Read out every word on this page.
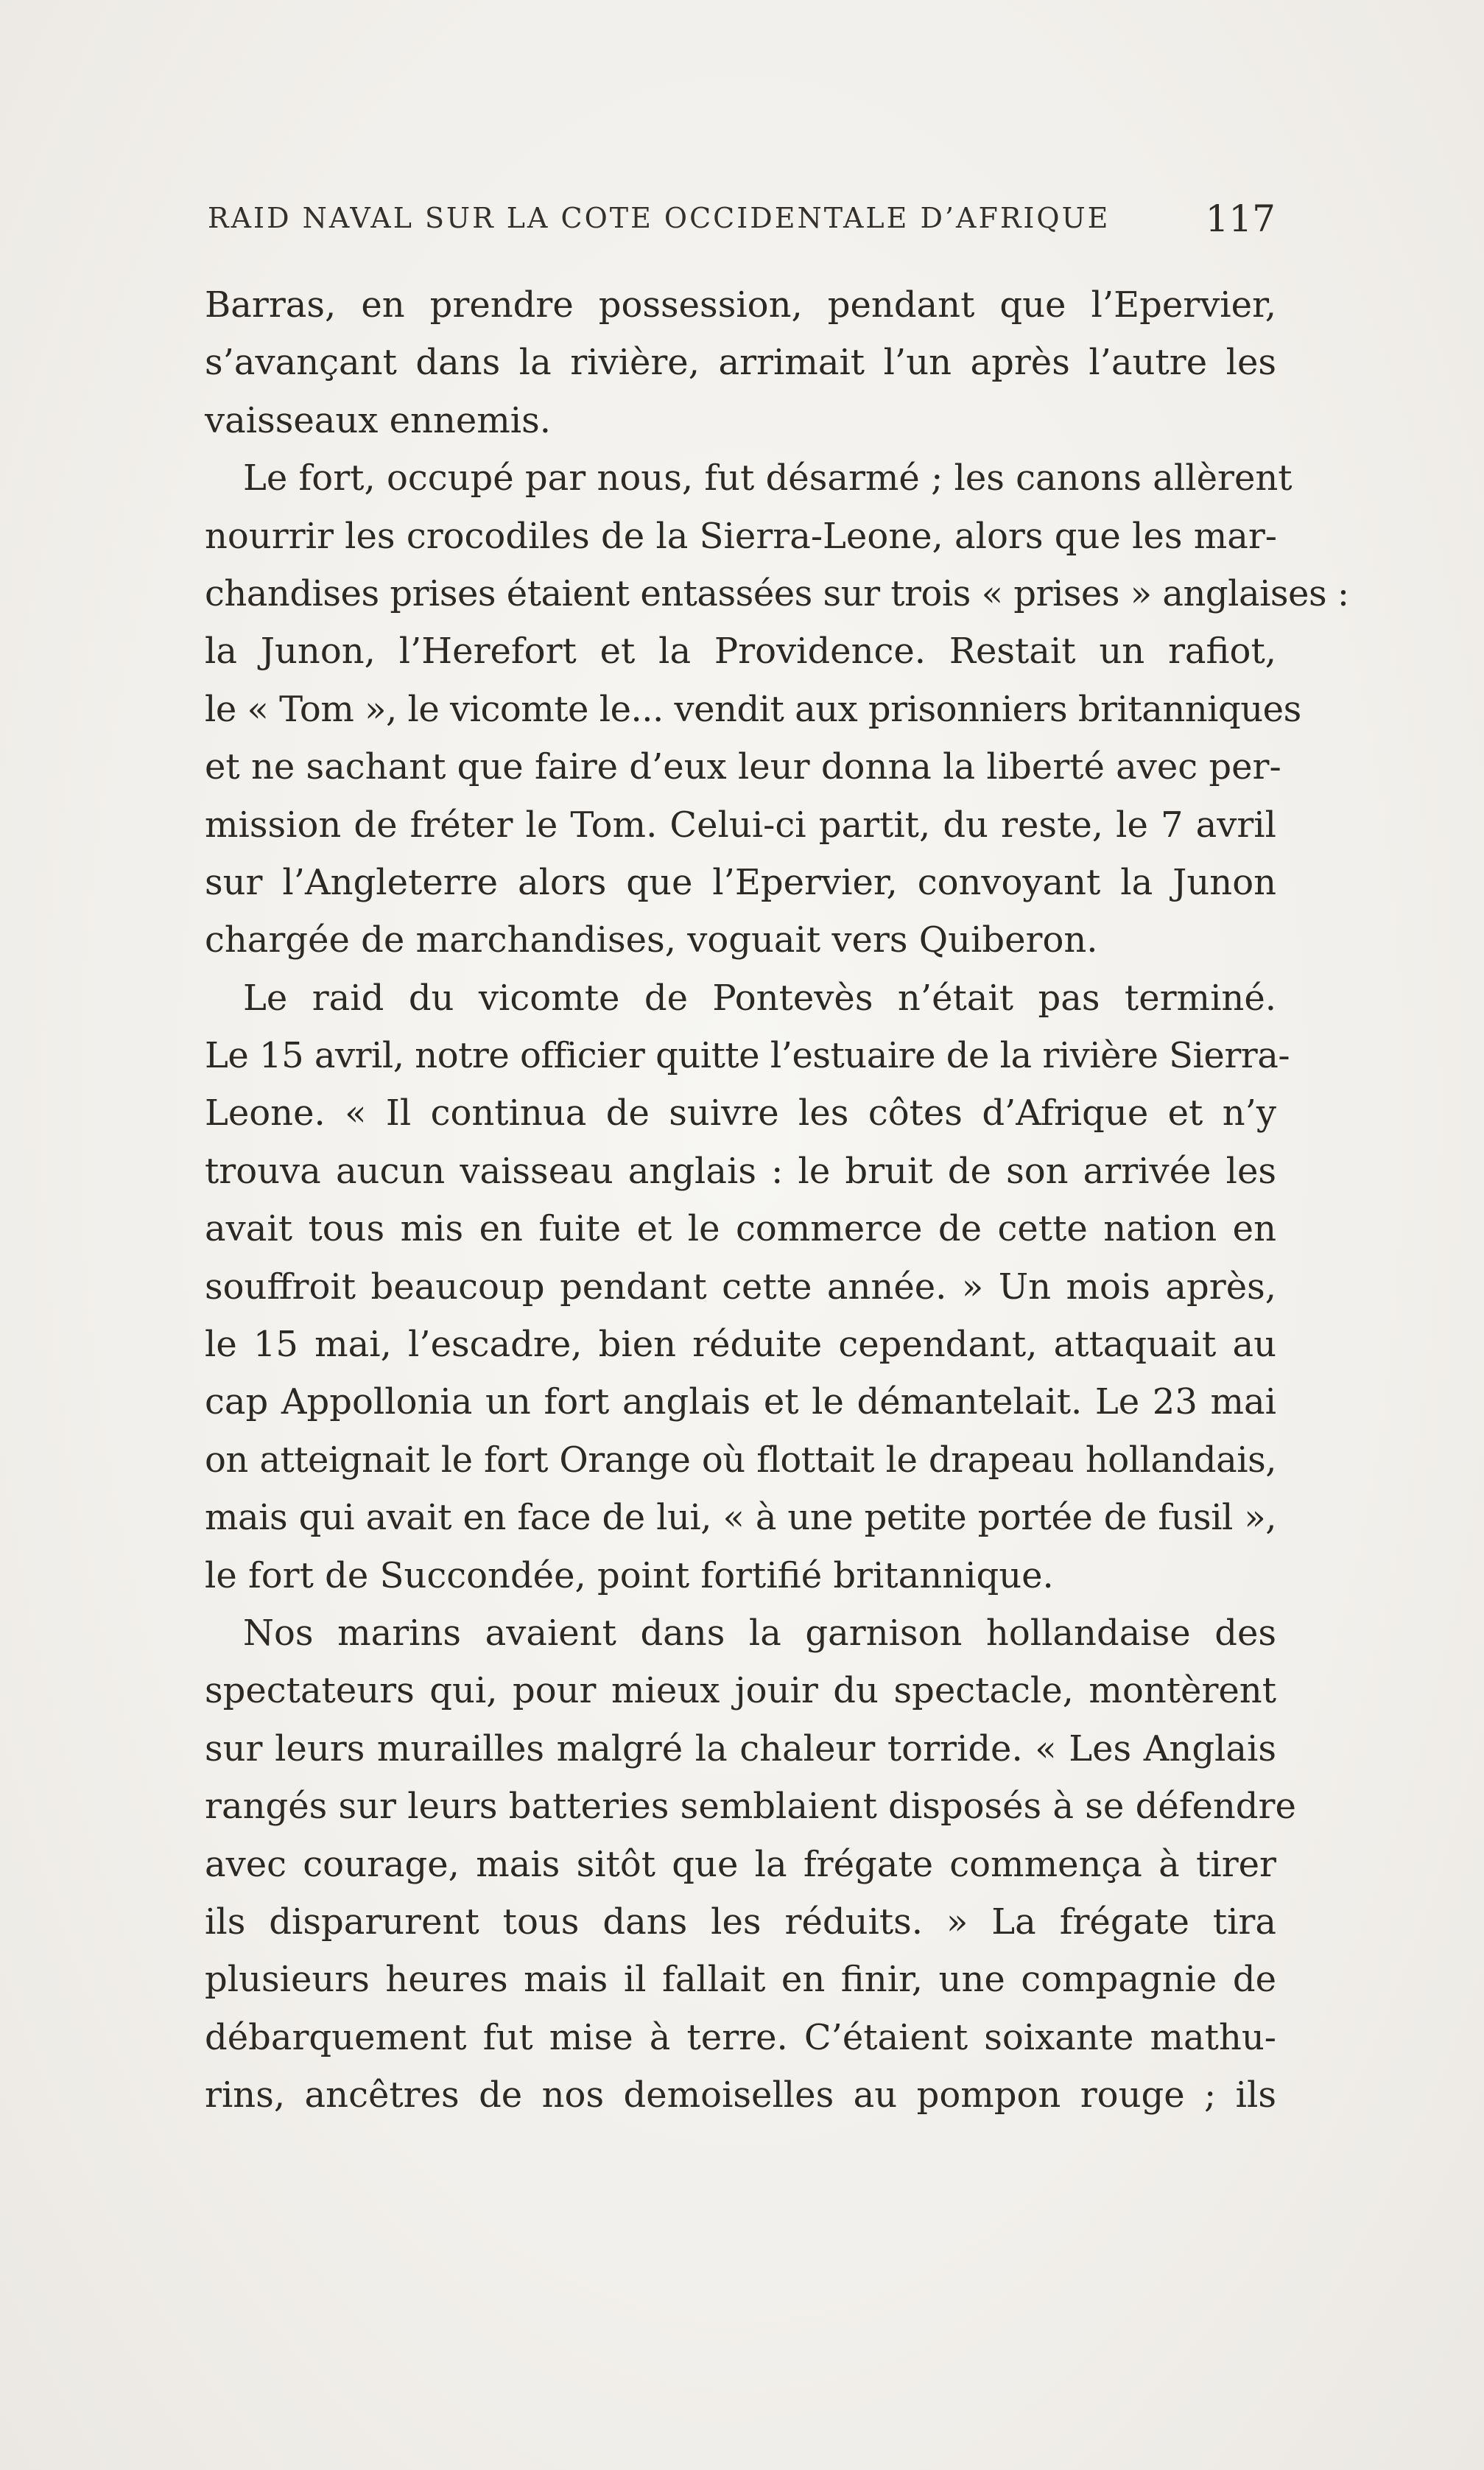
RAID NAVAL SUR LA COTE OCCIDENTALE D’AFRIQUE	117
Barras, en prendre possession, pendant que l’Epervier,
s’avançant dans la rivière, arrimait l’un après l’autre les
vaisseaux ennemis.
Le fort, occupé par nous, fut désarmé ; les canons allèrent
nourrir les crocodiles de la Sierra-Leone, alors que les mar-
chandises prises étaient entassées sur trois « prises » anglaises :
la Junon, l’Herefort et la Providence. Restait un rafiot,
le « Tom », le vicomte le... vendit aux prisonniers britanniques
et ne sachant que faire d’eux leur donna la liberté avec per-
mission de fréter le Tom. Celui-ci partit, du reste, le 7 avril
sur l’Angleterre alors que l’Epervier, convoyant la Junon
chargée de marchandises, voguait vers Quiberon.
Le raid du vicomte de Pontevès n’était pas terminé.
Le 15 avril, notre officier quitte l’estuaire de la rivière Sierra-
Leone. « Il continua de suivre les côtes d’Afrique et n’y
trouva aucun vaisseau anglais : le bruit de son arrivée les
avait tous mis en fuite et le commerce de cette nation en
souffroit beaucoup pendant cette année. » Un mois après,
le 15 mai, l’escadre, bien réduite cependant, attaquait au
cap Appollonia un fort anglais et le démantelait. Le 23 mai
on atteignait le fort Orange où flottait le drapeau hollandais,
mais qui avait en face de lui, « à une petite portée de fusil »,
le fort de Succondée, point fortifié britannique.
Nos marins avaient dans la garnison hollandaise des
spectateurs qui, pour mieux jouir du spectacle, montèrent
sur leurs murailles malgré la chaleur torride. « Les Anglais
rangés sur leurs batteries semblaient disposés à se défendre
avec courage, mais sitôt que la frégate commença à tirer
ils disparurent tous dans les réduits. » La frégate tira
plusieurs heures mais il fallait en finir, une compagnie de
débarquement fut mise à terre. C’étaient soixante mathu-
rins, ancêtres de nos demoiselles au pompon rouge ; ils
